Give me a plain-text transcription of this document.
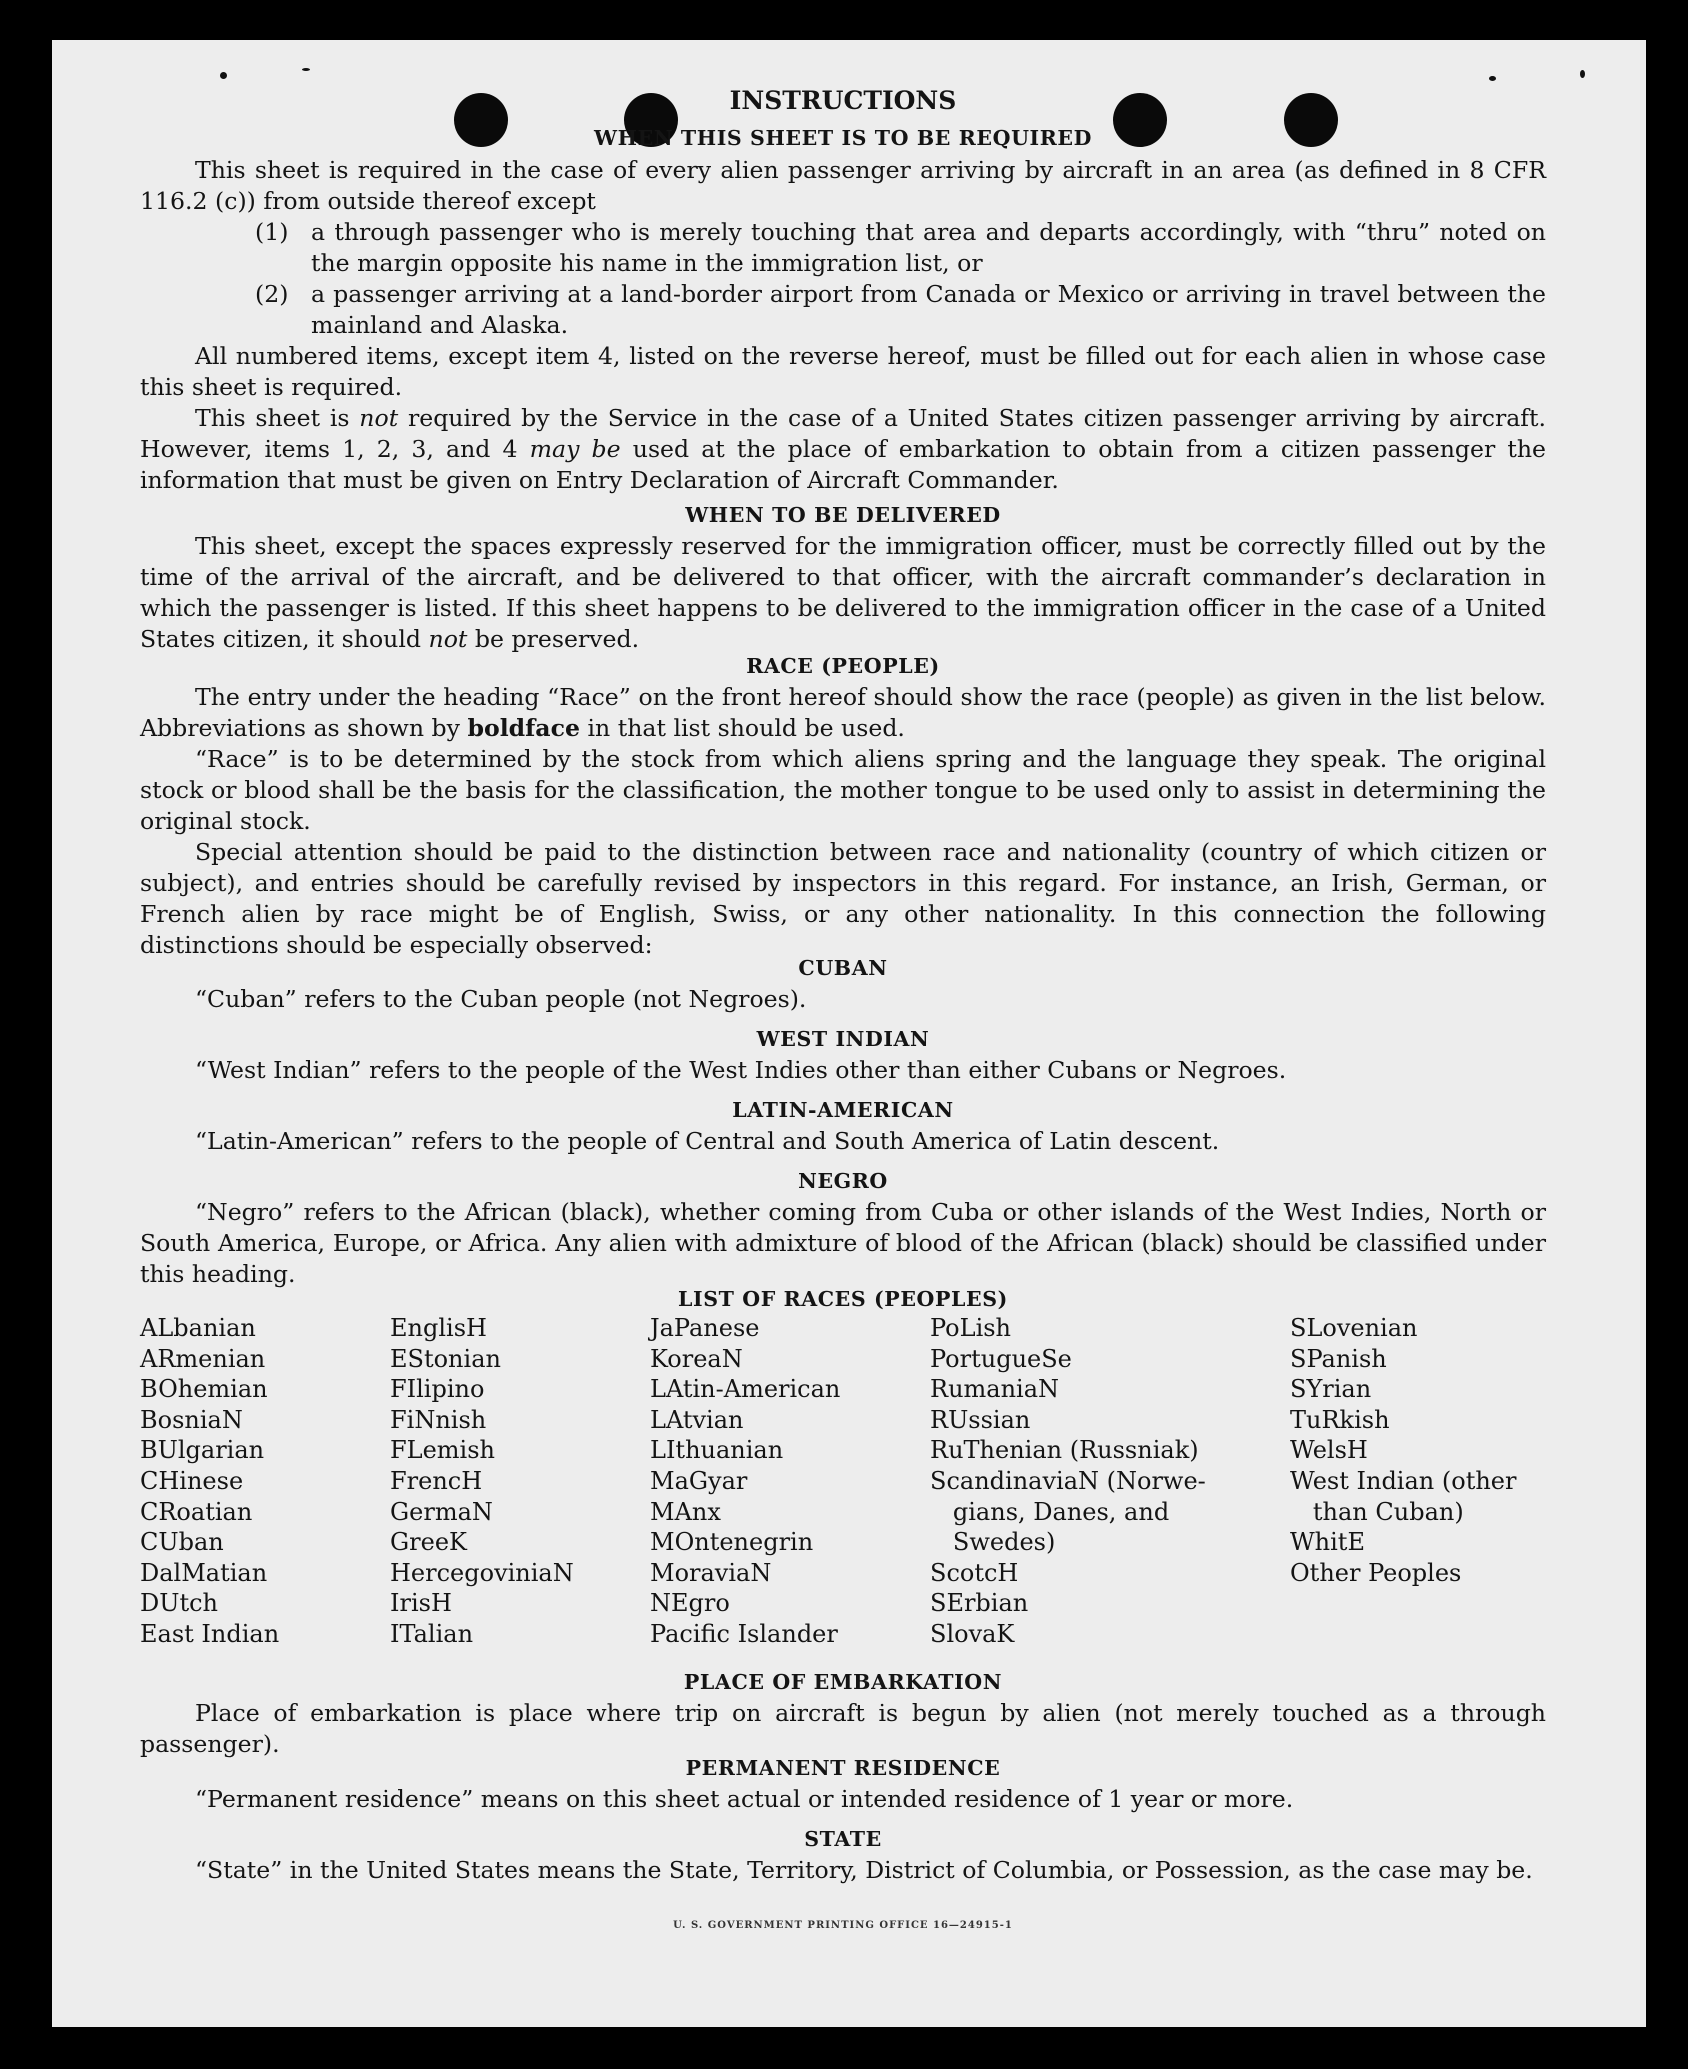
INSTRUCTIONS
WHEN THIS SHEET IS TO BE REQUIRED
This sheet is required in the case of every alien passenger arriving by aircraft in an area (as defined in 8 CFR 116.2 (c)) from outside thereof except
(1) a through passenger who is merely touching that area and departs accordingly, with “thru” noted on the margin opposite his name in the immigration list, or
(2) a passenger arriving at a land-border airport from Canada or Mexico or arriving in travel between the mainland and Alaska.
All numbered items, except item 4, listed on the reverse hereof, must be filled out for each alien in whose case this sheet is required.
This sheet is not required by the Service in the case of a United States citizen passenger arriving by aircraft. However, items 1, 2, 3, and 4 may be used at the place of embarkation to obtain from a citizen passenger the information that must be given on Entry Declaration of Aircraft Commander.
WHEN TO BE DELIVERED
This sheet, except the spaces expressly reserved for the immigration officer, must be correctly filled out by the time of the arrival of the aircraft, and be delivered to that officer, with the aircraft commander’s declaration in which the passenger is listed. If this sheet happens to be delivered to the immigration officer in the case of a United States citizen, it should not be preserved.
RACE (PEOPLE)
The entry under the heading “Race” on the front hereof should show the race (people) as given in the list below. Abbreviations as shown by boldface in that list should be used.
“Race” is to be determined by the stock from which aliens spring and the language they speak. The original stock or blood shall be the basis for the classification, the mother tongue to be used only to assist in determining the original stock.
Special attention should be paid to the distinction between race and nationality (country of which citizen or subject), and entries should be carefully revised by inspectors in this regard. For instance, an Irish, German, or French alien by race might be of English, Swiss, or any other nationality. In this connection the following distinctions should be especially observed:
CUBAN
“Cuban” refers to the Cuban people (not Negroes).
WEST INDIAN
“West Indian” refers to the people of the West Indies other than either Cubans or Negroes.
LATIN-AMERICAN
“Latin-American” refers to the people of Central and South America of Latin descent.
NEGRO
“Negro” refers to the African (black), whether coming from Cuba or other islands of the West Indies, North or South America, Europe, or Africa. Any alien with admixture of blood of the African (black) should be classified under this heading.
LIST OF RACES (PEOPLES)
ALbanian
ARmenian
BOhemian
BosniaN
BUlgarian
CHinese
CRoatian
CUban
DalMatian
DUtch
East Indian
EnglisH
EStonian
FIlipino
FiNnish
FLemish
FrencH
GermaN
GreeK
HercegoviniaN
IrisH
ITalian
JaPanese
KoreaN
LAtin-American
LAtvian
LIthuanian
MaGyar
MAnx
MOntenegrin
MoraviaN
NEgro
Pacific Islander
PoLish
PortugueSe
RumaniaN
RUssian
RuThenian (Russniak)
ScandinaviaN (Norwe-
gians, Danes, and
Swedes)
ScotcH
SErbian
SlovaK
SLovenian
SPanish
SYrian
TuRkish
WelsH
West Indian (other
than Cuban)
WhitE
Other Peoples
PLACE OF EMBARKATION
Place of embarkation is place where trip on aircraft is begun by alien (not merely touched as a through passenger).
PERMANENT RESIDENCE
“Permanent residence” means on this sheet actual or intended residence of 1 year or more.
STATE
“State” in the United States means the State, Territory, District of Columbia, or Possession, as the case may be.
U. S. GOVERNMENT PRINTING OFFICE 16—24915-1
